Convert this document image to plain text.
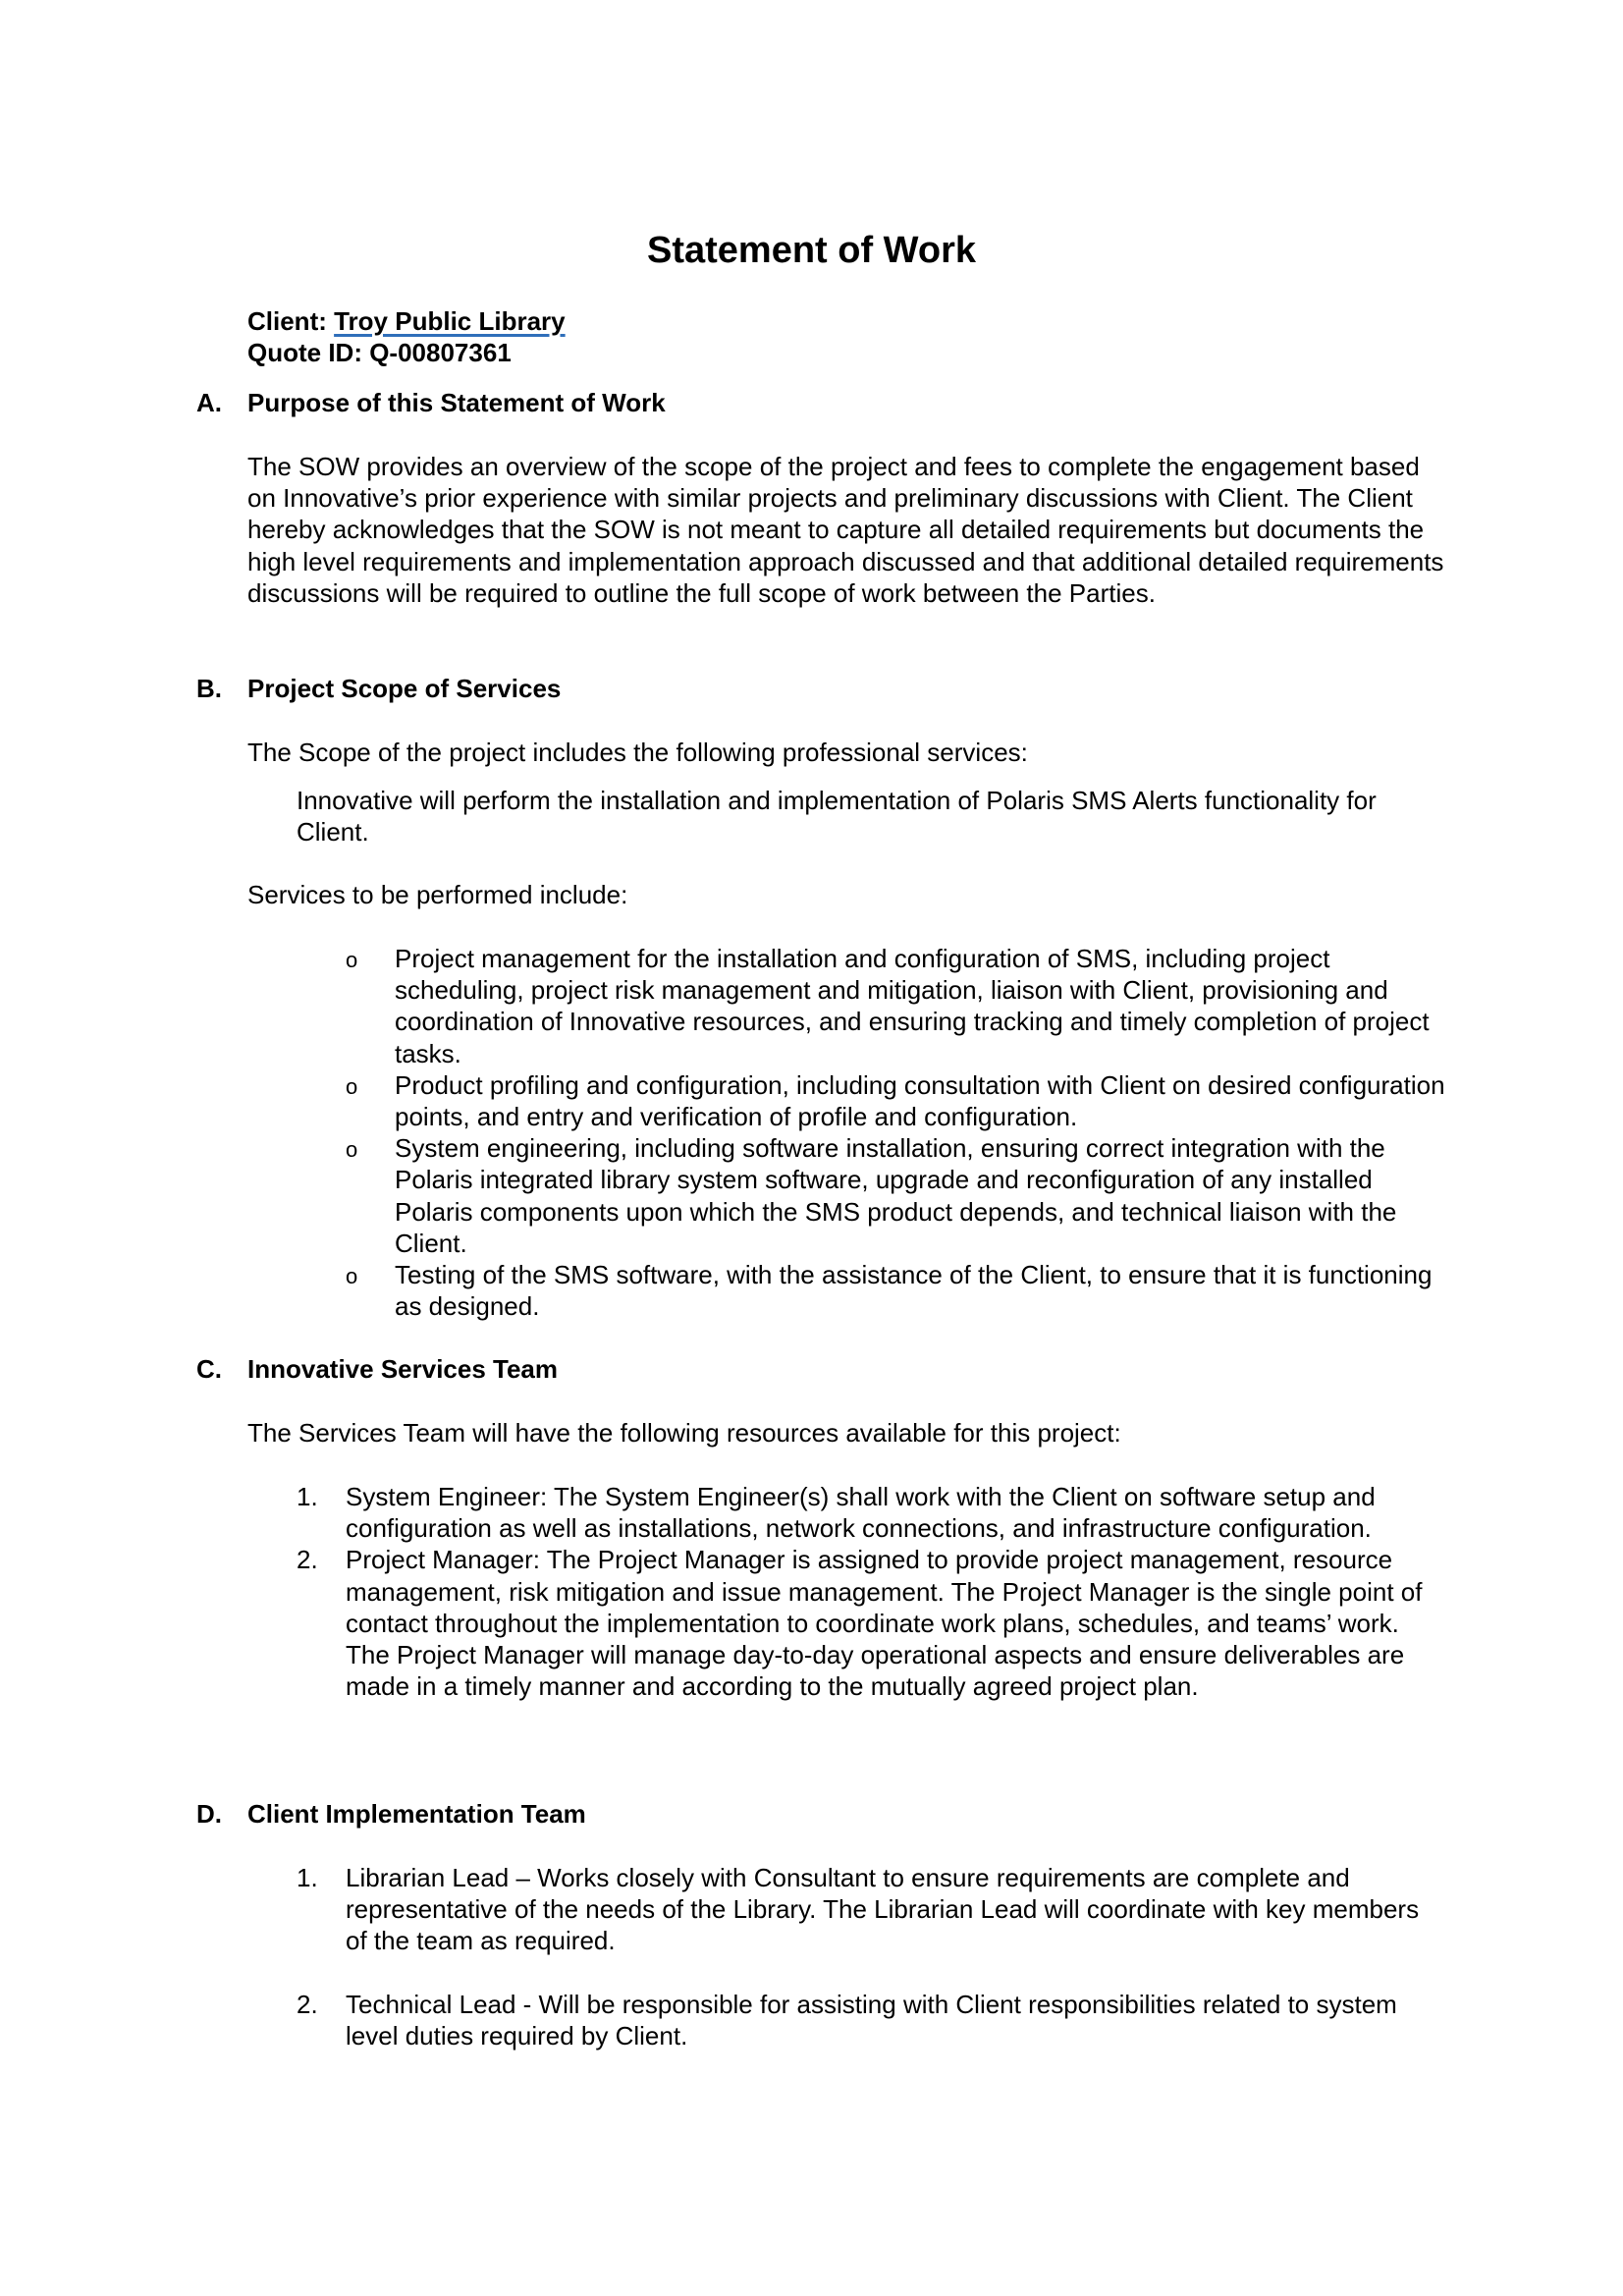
Statement of Work
Client: Troy Public Library
Quote ID: Q-00807361
A. Purpose of this Statement of Work
The SOW provides an overview of the scope of the project and fees to complete the engagement based on Innovative’s prior experience with similar projects and preliminary discussions with Client. The Client hereby acknowledges that the SOW is not meant to capture all detailed requirements but documents the high level requirements and implementation approach discussed and that additional detailed requirements discussions will be required to outline the full scope of work between the Parties.
B. Project Scope of Services
The Scope of the project includes the following professional services:
Innovative will perform the installation and implementation of Polaris SMS Alerts functionality for Client.
Services to be performed include:
o Project management for the installation and configuration of SMS, including project scheduling, project risk management and mitigation, liaison with Client, provisioning and coordination of Innovative resources, and ensuring tracking and timely completion of project tasks.
o Product profiling and configuration, including consultation with Client on desired configuration points, and entry and verification of profile and configuration.
o System engineering, including software installation, ensuring correct integration with the Polaris integrated library system software, upgrade and reconfiguration of any installed Polaris components upon which the SMS product depends, and technical liaison with the Client.
o Testing of the SMS software, with the assistance of the Client, to ensure that it is functioning as designed.
C. Innovative Services Team
The Services Team will have the following resources available for this project:
1. System Engineer: The System Engineer(s) shall work with the Client on software setup and configuration as well as installations, network connections, and infrastructure configuration.
2. Project Manager: The Project Manager is assigned to provide project management, resource management, risk mitigation and issue management. The Project Manager is the single point of contact throughout the implementation to coordinate work plans, schedules, and teams’ work. The Project Manager will manage day-to-day operational aspects and ensure deliverables are made in a timely manner and according to the mutually agreed project plan.
D. Client Implementation Team
1. Librarian Lead – Works closely with Consultant to ensure requirements are complete and representative of the needs of the Library. The Librarian Lead will coordinate with key members of the team as required.
2. Technical Lead - Will be responsible for assisting with Client responsibilities related to system level duties required by Client.
